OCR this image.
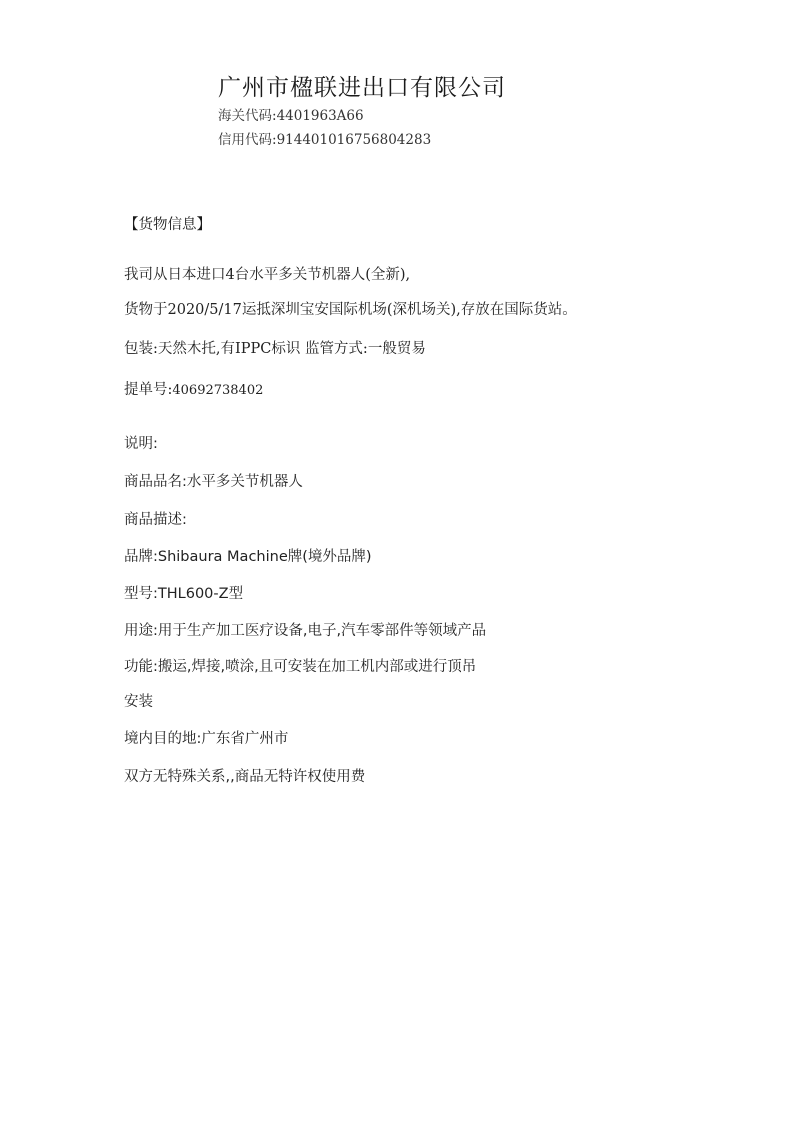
广州市楹联进出口有限公司
海关代码:4401963A66
信用代码:914401016756804283
【货物信息】
我司从日本进口4台水平多关节机器人(全新),
货物于2020/5/17运抵深圳宝安国际机场(深机场关),存放在国际货站。
包装:天然木托,有IPPC标识 监管方式:一般贸易
提单号:40692738402
说明:
商品品名:水平多关节机器人
商品描述:
品牌:Shibaura Machine牌(境外品牌)
型号:THL600-Z型
用途:用于生产加工医疗设备,电子,汽车零部件等领域产品
功能:搬运,焊接,喷涂,且可安装在加工机内部或进行顶吊
安装
境内目的地:广东省广州市
双方无特殊关系,,商品无特许权使用费
